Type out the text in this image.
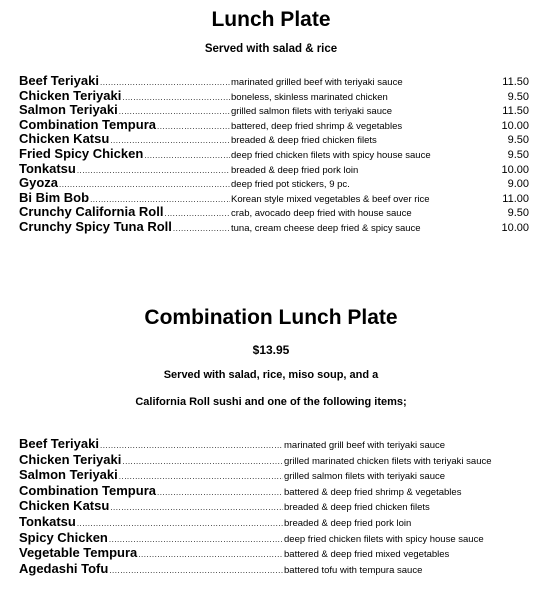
Lunch Plate
Served with salad & rice
Beef Teriyaki .....	marinated grilled beef with teriyaki sauce	11.50
Chicken Teriyaki .....	boneless, skinless marinated chicken	9.50
Salmon Teriyaki .....	grilled salmon filets with teriyaki sauce	11.50
Combination Tempura .....	battered, deep fried shrimp & vegetables	10.00
Chicken Katsu .....	breaded & deep fried chicken filets	9.50
Fried Spicy Chicken .....	deep fried chicken filets with spicy house sauce	9.50
Tonkatsu .....	breaded & deep fried pork loin	10.00
Gyoza .....	deep fried pot stickers, 9 pc.	9.00
Bi Bim Bob .....	Korean style mixed vegetables & beef over rice	11.00
Crunchy California Roll .....	crab, avocado deep fried with house sauce	9.50
Crunchy Spicy Tuna Roll .....	tuna, cream cheese deep fried & spicy sauce	10.00
Combination Lunch Plate
$13.95
Served with salad, rice, miso soup, and a
California Roll sushi and one of the following items;
Beef Teriyaki .....	marinated grill beef with teriyaki sauce
Chicken Teriyaki .....	grilled marinated chicken filets with teriyaki sauce
Salmon Teriyaki .....	grilled salmon filets with teriyaki sauce
Combination Tempura .....	battered & deep fried shrimp & vegetables
Chicken Katsu .....	breaded & deep fried chicken filets
Tonkatsu .....	breaded & deep fried pork loin
Spicy Chicken .....	deep fried chicken filets with spicy house sauce
Vegetable Tempura .....	battered & deep fried mixed vegetables
Agedashi Tofu .....	battered tofu with tempura sauce
